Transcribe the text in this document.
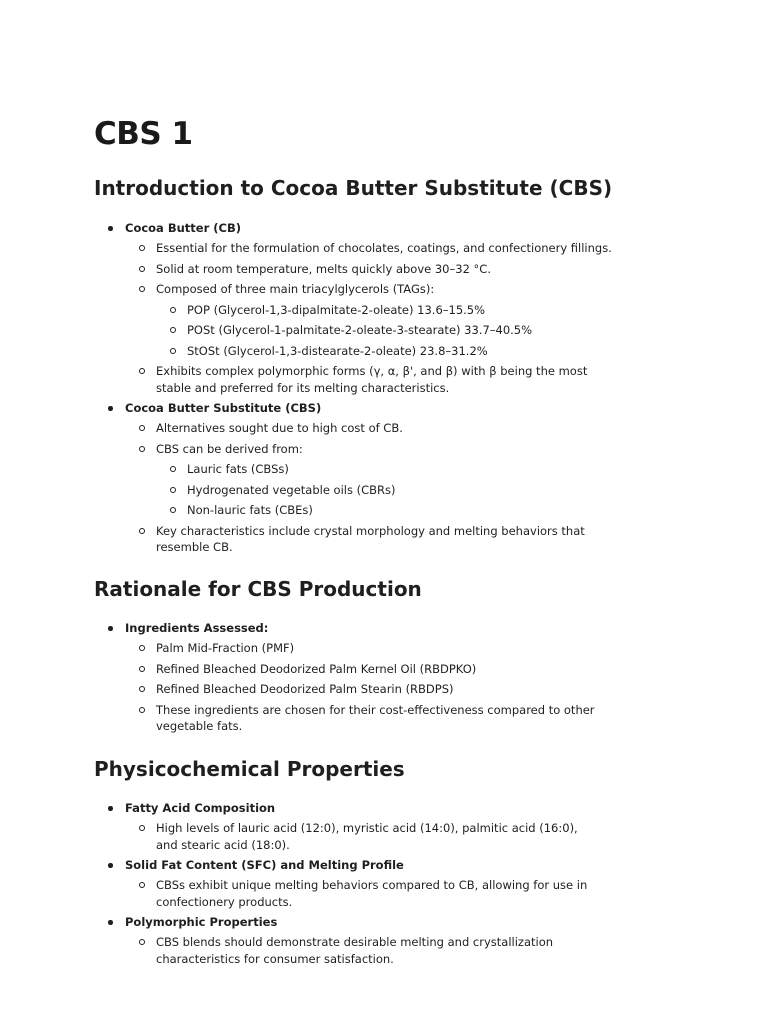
CBS 1
Introduction to Cocoa Butter Substitute (CBS)
Cocoa Butter (CB)
Essential for the formulation of chocolates, coatings, and confectionery fillings.
Solid at room temperature, melts quickly above 30–32 °C.
Composed of three main triacylglycerols (TAGs):
POP (Glycerol-1,3-dipalmitate-2-oleate) 13.6–15.5%
POSt (Glycerol-1-palmitate-2-oleate-3-stearate) 33.7–40.5%
StOSt (Glycerol-1,3-distearate-2-oleate) 23.8–31.2%
Exhibits complex polymorphic forms (γ, α, β', and β) with β being the most stable and preferred for its melting characteristics.
Cocoa Butter Substitute (CBS)
Alternatives sought due to high cost of CB.
CBS can be derived from:
Lauric fats (CBSs)
Hydrogenated vegetable oils (CBRs)
Non-lauric fats (CBEs)
Key characteristics include crystal morphology and melting behaviors that resemble CB.
Rationale for CBS Production
Ingredients Assessed:
Palm Mid-Fraction (PMF)
Refined Bleached Deodorized Palm Kernel Oil (RBDPKO)
Refined Bleached Deodorized Palm Stearin (RBDPS)
These ingredients are chosen for their cost-effectiveness compared to other vegetable fats.
Physicochemical Properties
Fatty Acid Composition
High levels of lauric acid (12:0), myristic acid (14:0), palmitic acid (16:0), and stearic acid (18:0).
Solid Fat Content (SFC) and Melting Profile
CBSs exhibit unique melting behaviors compared to CB, allowing for use in confectionery products.
Polymorphic Properties
CBS blends should demonstrate desirable melting and crystallization characteristics for consumer satisfaction.
